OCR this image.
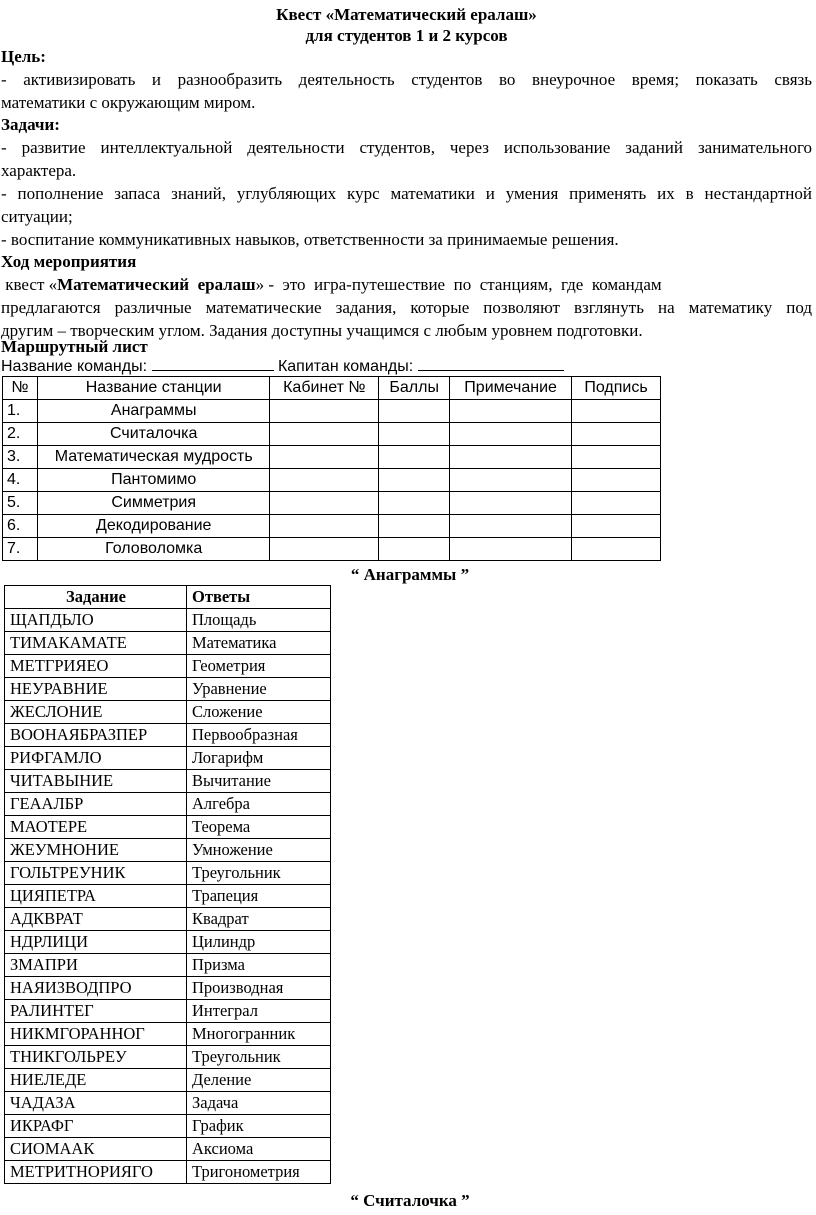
Квест «Математический ералаш»
для студентов 1 и 2 курсов
Цель:
- активизировать и разнообразить деятельность студентов во внеурочное время; показать связь
математики с окружающим миром.
Задачи:
- развитие интеллектуальной деятельности студентов, через использование заданий занимательного
характера.
- пополнение запаса знаний, углубляющих курс математики и умения применять их в нестандартной
ситуации;
- воспитание коммуникативных навыков, ответственности за принимаемые решения.
Ход мероприятия
квест «Математический  ералаш» -  это  игра-путешествие  по  станциям,  где  командам
предлагаются различные математические задания, которые позволяют взглянуть на математику под
другим – творческим углом. Задания доступны учащимся с любым уровнем подготовки.
Маршрутный лист
Название команды:	Капитан команды:
№	Название станции	Кабинет №	Баллы	Примечание	Подпись
1.	Анаграммы				
2.	Считалочка				
3.	Математическая мудрость				
4.	Пантомимо				
5.	Симметрия				
6.	Декодирование				
7.	Головоломка				
“ Анаграммы ”
Задание	Ответы
ЩАПДЬЛО	Площадь
ТИМАКАМАТЕ	Математика
МЕТГРИЯЕО	Геометрия
НЕУРАВНИЕ	Уравнение
ЖЕСЛОНИЕ	Сложение
ВООНАЯБРАЗПЕР	Первообразная
РИФГАМЛО	Логарифм
ЧИТАВЫНИЕ	Вычитание
ГЕААЛБР	Алгебра
МАОТЕРЕ	Теорема
ЖЕУМНОНИЕ	Умножение
ГОЛЬТРЕУНИК	Треугольник
ЦИЯПЕТРА	Трапеция
АДКВРАТ	Квадрат
НДРЛИЦИ	Цилиндр
ЗМАПРИ	Призма
НАЯИЗВОДПРО	Производная
РАЛИНТЕГ	Интеграл
НИКМГОРАННОГ	Многогранник
ТНИКГОЛЬРЕУ	Треугольник
НИЕЛЕДЕ	Деление
ЧАДАЗА	Задача
ИКРАФГ	График
СИОМААК	Аксиома
МЕТРИТНОРИЯГО	Тригонометрия
“ Считалочка ”
